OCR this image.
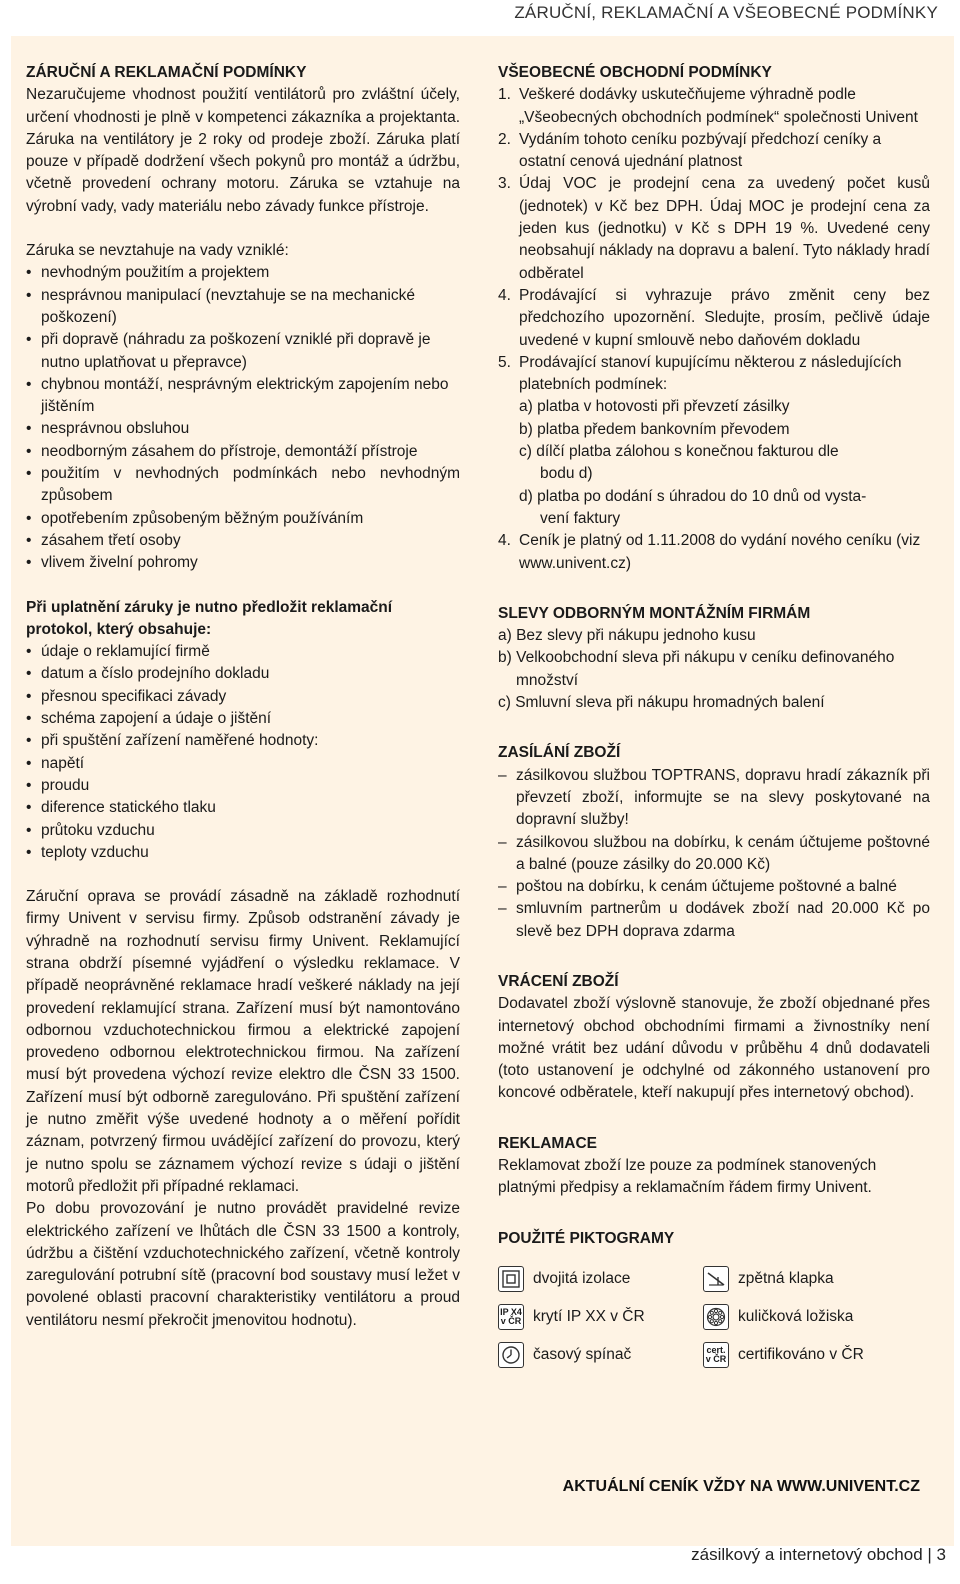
ZÁRUČNÍ, REKLAMAČNÍ A VŠEOBECNÉ PODMÍNKY
ZÁRUČNÍ A REKLAMAČNÍ PODMÍNKY

Nezaručujeme vhodnost použití ventilátorů pro zvláštní účely, určení vhodnosti je plně v kompetenci zákazníka a projektanta. Záruka na ventilátory je 2 roky od prodeje zboží. Záruka platí pouze v případě dodržení všech pokynů pro montáž a údržbu, včetně provedení ochrany motoru. Záruka se vztahuje na výrobní vady, vady materiálu nebo závady funkce přístroje.

Záruka se nevztahuje na vady vzniklé:

• nevhodným použitím a projektem
• nesprávnou manipulací (nevztahuje se na mechanické poškození)
• při dopravě (náhradu za poškození vzniklé při dopravě je nutno uplatňovat u přepravce)
• chybnou montáží, nesprávným elektrickým zapojením nebo jištěním
• nesprávnou obsluhou
• neodborným zásahem do přístroje, demontáží přístroje
• použitím v nevhodných podmínkách nebo nevhodným způsobem
• opotřebením způsobeným běžným používáním
• zásahem třetí osoby
• vlivem živelní pohromy
Při uplatnění záruky je nutno předložit reklamační protokol, který obsahuje:
• údaje o reklamující firmě
• datum a číslo prodejního dokladu
• přesnou specifikaci závady
• schéma zapojení a údaje o jištění
• při spuštění zařízení naměřené hodnoty:
• napětí
• proudu
• diference statického tlaku
• průtoku vzduchu
• teploty vzduchu

Záruční oprava se provádí zásadně na základě rozhodnutí firmy Univent v servisu firmy. Způsob odstranění závady je výhradně na rozhodnutí servisu firmy Univent. Reklamující strana obdrží písemné vyjádření o výsledku reklamace. V případě neoprávněné reklamace hradí veškeré náklady na její provedení reklamující strana. Zařízení musí být namontováno odbornou vzduchotechnickou firmou a elektrické zapojení provedeno odbornou elektrotechnickou firmou. Na zařízení musí být provedena výchozí revize elektro dle ČSN 33 1500. Zařízení musí být odborně zaregulováno. Při spuštění zařízení je nutno změřit výše uvedené hodnoty a o měření pořídit záznam, potvrzený firmou uvádějící zařízení do provozu, který je nutno spolu se záznamem výchozí revize s údaji o jištění motorů předložit při případné reklamaci.

Po dobu provozování je nutno provádět pravidelné revize elektrického zařízení ve lhůtách dle ČSN 33 1500 a kontroly, údržbu a čištění vzduchotechnického zařízení, včetně kontroly zaregulování potrubní sítě (pracovní bod soustavy musí ležet v povolené oblasti pracovní charakteristiky ventilátoru a proud ventilátoru nesmí překročit jmenovitou hodnotu).

VŠEOBECNÉ OBCHODNÍ PODMÍNKY
1. Veškeré dodávky uskutečňujeme výhradně podle „Všeobecných obchodních podmínek“ společnosti Univent
2. Vydáním tohoto ceníku pozbývají předchozí ceníky a ostatní cenová ujednání platnost
3. Údaj VOC je prodejní cena za uvedený počet kusů (jednotek) v Kč bez DPH. Údaj MOC je prodejní cena za jeden kus (jednotku) v Kč s DPH 19 %. Uvedené ceny neobsahují náklady na dopravu a balení. Tyto náklady hradí odběratel
4. Prodávající si vyhrazuje právo změnit ceny bez předchozího upozornění. Sledujte, prosím, pečlivě údaje uvedené v kupní smlouvě nebo daňovém dokladu
5. Prodávající stanoví kupujícímu některou z následujících platebních podmínek:
a) platba v hotovosti při převzetí zásilky
b) platba předem bankovním převodem
c) dílčí platba zálohou s konečnou fakturou dle
bodu d)
d) platba po dodání s úhradou do 10 dnů od vysta-
vení faktury
4. Ceník je platný od 1.11.2008 do vydání nového ceníku (viz www.univent.cz)
SLEVY ODBORNÝM MONTÁŽNÍM FIRMÁM
a) Bez slevy při nákupu jednoho kusu
b) Velkoobchodní sleva při nákupu v ceníku definovaného množství
c) Smluvní sleva při nákupu hromadných balení
ZASÍLÁNÍ ZBOŽÍ
– zásilkovou službou TOPTRANS, dopravu hradí zákazník při převzetí zboží, informujte se na slevy poskytované na dopravní služby!
– zásilkovou službou na dobírku, k cenám účtujeme poštovné a balné (pouze zásilky do 20.000 Kč)
– poštou na dobírku, k cenám účtujeme poštovné a balné
– smluvním partnerům u dodávek zboží nad 20.000 Kč po slevě bez DPH doprava zdarma
VRÁCENÍ ZBOŽÍ

Dodavatel zboží výslovně stanovuje, že zboží objednané přes internetový obchod obchodními firmami a živnostníky není možné vrátit bez udání důvodu v průběhu 4 dnů dodavateli (toto ustanovení je odchylné od zákonného ustanovení pro koncové odběratele, kteří nakupují přes internetový obchod).

REKLAMACE

Reklamovat zboží lze pouze za podmínek stanovených platnými předpisy a reklamačním řádem firmy Univent.

POUŽITÉ PIKTOGRAMY
dvojitá izolace
IP X4
v ČR krytí IP XX v ČR
časový spínač
zpětná klapka
kuličková ložiska
cert.
v ČR certifikováno v ČR
AKTUÁLNÍ CENÍK VŽDY NA WWW.UNIVENT.CZ
zásilkový a internetový obchod | 3
